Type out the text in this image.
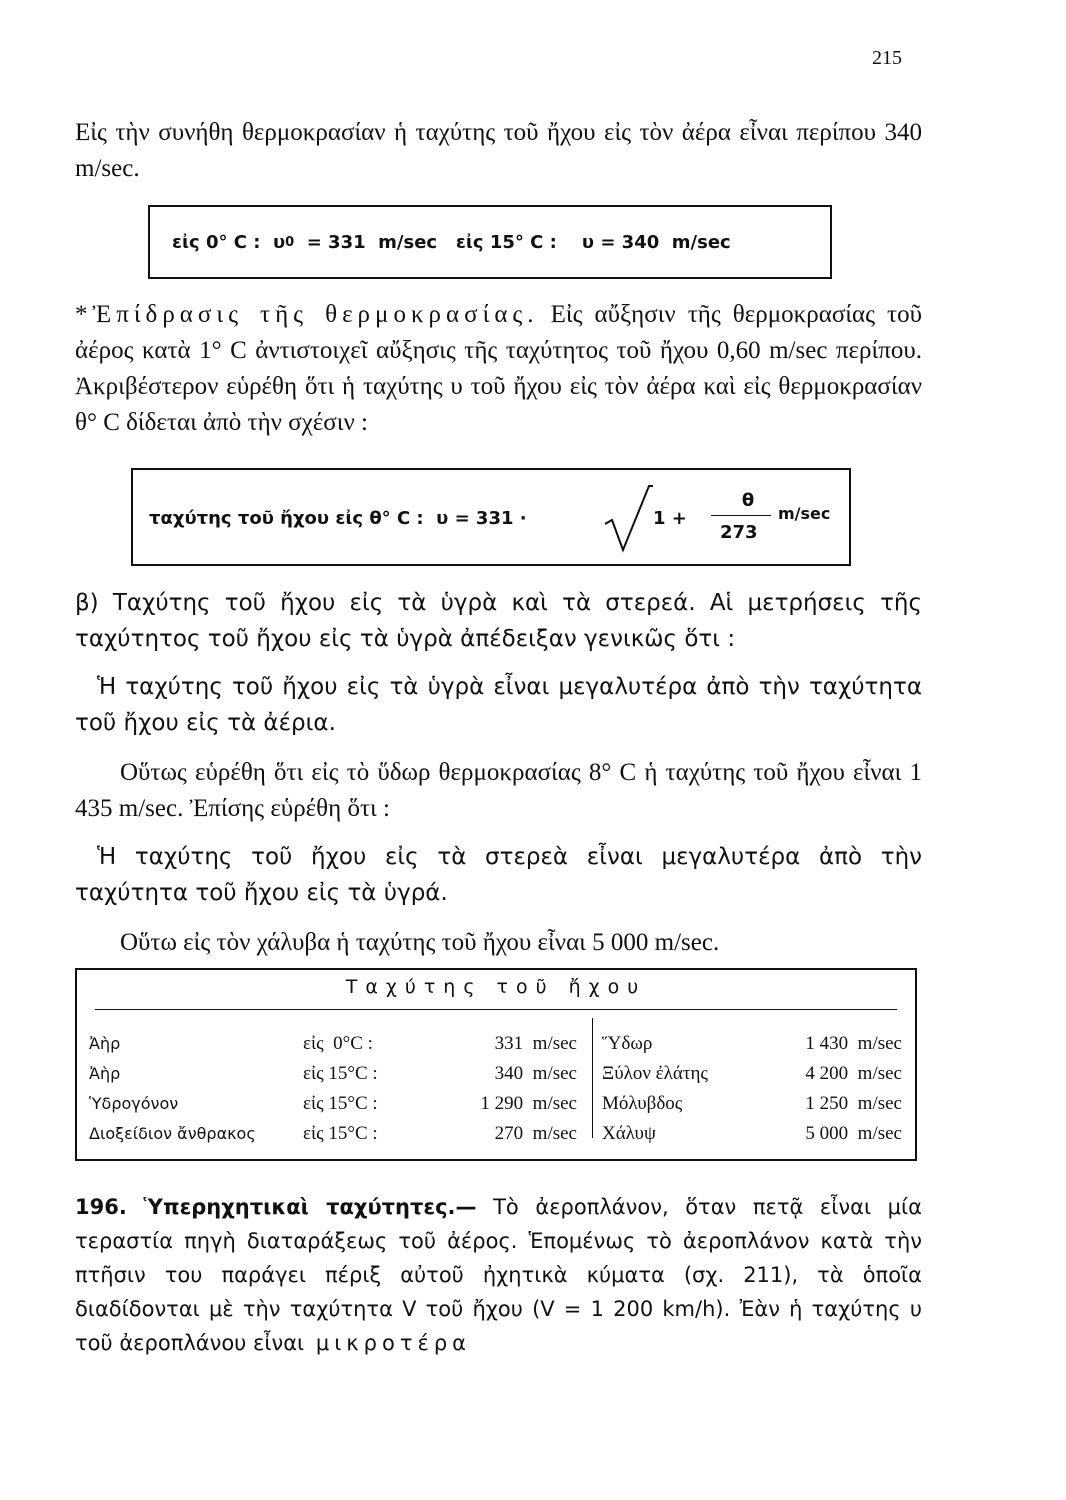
215

Εἰς τὴν συνήθη θερμοκρασίαν ἡ ταχύτης τοῦ ἤχου εἰς τὸν ἀέρα εἶναι περίπου 340 m/sec.

εἰς 0° C :  υ 0 = 331  m/sec   εἰς 15° C :    υ = 340  m/sec

*Ἐπίδρασις τῆς θερμοκρασίας. Εἰς αὔξησιν τῆς θερμοκρασίας τοῦ ἀέρος κατὰ 1° C ἀντιστοιχεῖ αὔξησις τῆς ταχύτητος τοῦ ἤχου 0,60 m/sec περίπου. Ἀκριβέστερον εὑρέθη ὅτι ἡ ταχύτης υ τοῦ ἤχου εἰς τὸν ἀέρα καὶ εἰς θερμοκρασίαν θ° C δίδεται ἀπὸ τὴν σχέσιν :

ταχύτης τοῦ ἤχου εἰς θ° C :  υ = 331 ·	1 +
θ
273
m/sec

β) Ταχύτης τοῦ ἤχου εἰς τὰ ὑγρὰ καὶ τὰ στερεά. Αἱ μετρήσεις τῆς ταχύτητος τοῦ ἤχου εἰς τὰ ὑγρὰ ἀπέδειξαν γενικῶς ὅτι :

Ἡ ταχύτης τοῦ ἤχου εἰς τὰ ὑγρὰ εἶναι μεγαλυτέρα ἀπὸ τὴν ταχύτητα τοῦ ἤχου εἰς τὰ ἀέρια.

Οὕτως εὑρέθη ὅτι εἰς τὸ ὕδωρ θερμοκρασίας 8° C ἡ ταχύτης τοῦ ἤχου εἶναι 1 435 m/sec. Ἐπίσης εὑρέθη ὅτι :

Ἡ ταχύτης τοῦ ἤχου εἰς τὰ στερεὰ εἶναι μεγαλυτέρα ἀπὸ τὴν ταχύτητα τοῦ ἤχου εἰς τὰ ὑγρά.

Οὕτω εἰς τὸν χάλυβα ἡ ταχύτης τοῦ ἤχου εἶναι 5 000 m/sec.

Ταχύτης τοῦ ἤχου
Ἀὴρ	εἰς  0°C :	331  m/sec Ὕδωρ	1 430  m/sec
Ἀὴρ	εἰς 15°C :	340  m/sec Ξύλον ἐλάτης	4 200  m/sec
Ὑδρογόνον	εἰς 15°C :	1 290  m/sec Μόλυβδος	1 250  m/sec
Διοξείδιον ἄνθρακος εἰς 15°C :	270  m/sec Χάλυψ	5 000  m/sec

196. Ὑπερηχητικαὶ ταχύτητες.— Τὸ ἀεροπλάνον, ὅταν πετᾷ εἶναι μία τεραστία πηγὴ διαταράξεως τοῦ ἀέρος. Ἑπομένως τὸ ἀεροπλάνον κατὰ τὴν πτῆσιν του παράγει πέριξ αὐτοῦ ἠχητικὰ κύματα (σχ. 211), τὰ ὁποῖα διαδίδονται μὲ τὴν ταχύτητα V τοῦ ἤχου (V = 1 200 km/h). Ἐὰν ἡ ταχύτης υ τοῦ ἀεροπλάνου εἶναι μικροτέρα
